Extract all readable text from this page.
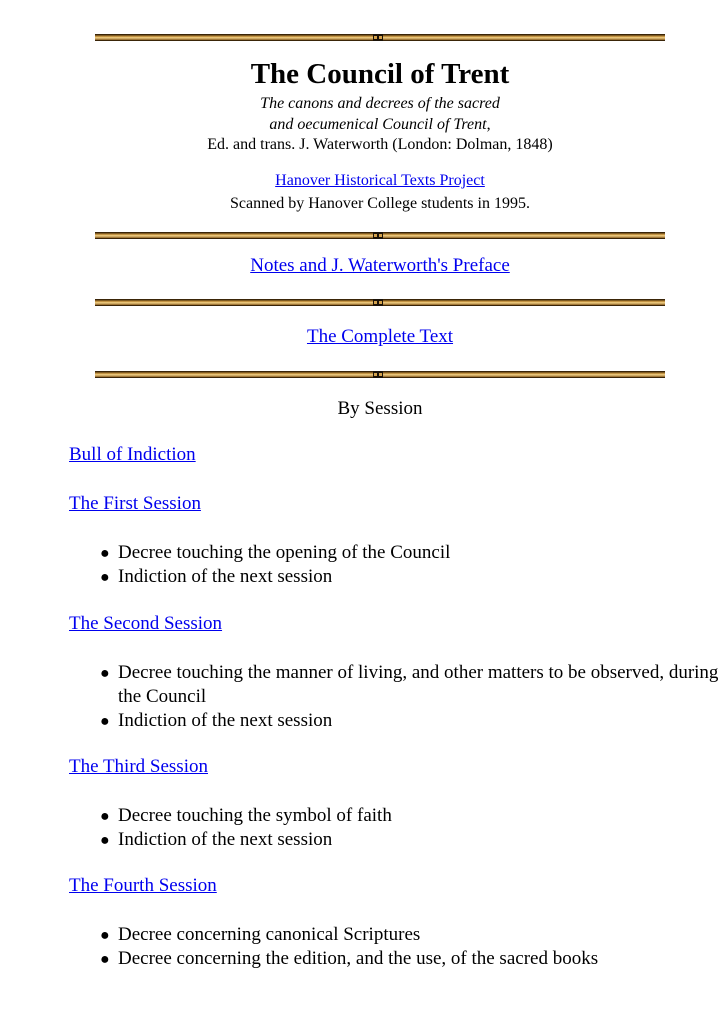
The Council of Trent
The canons and decrees of the sacred
and oecumenical Council of Trent,
Ed. and trans. J. Waterworth (London: Dolman, 1848)
Hanover Historical Texts Project
Scanned by Hanover College students in 1995.
Notes and J. Waterworth's Preface
The Complete Text
By Session
Bull of Indiction
The First Session
● Decree touching the opening of the Council
● Indiction of the next session
The Second Session
● Decree touching the manner of living, and other matters to be observed, during the Council
● Indiction of the next session
The Third Session
● Decree touching the symbol of faith
● Indiction of the next session
The Fourth Session
● Decree concerning canonical Scriptures
● Decree concerning the edition, and the use, of the sacred books
